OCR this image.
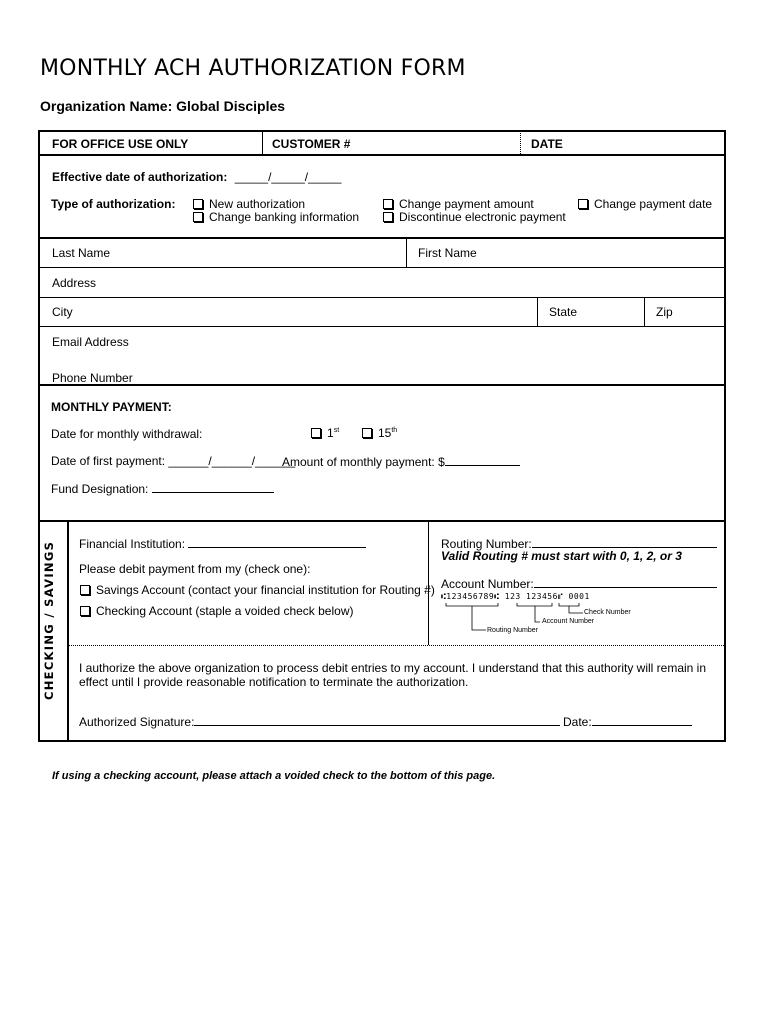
MONTHLY ACH AUTHORIZATION FORM
Organization Name: Global Disciples
FOR OFFICE USE ONLY	CUSTOMER #	DATE
Effective date of authorization: _____/_____/_____
Type of authorization:	New authorization
Change banking information
Change payment amount
Discontinue electronic payment
Change payment date
Last Name	First Name
Address
City	State	Zip
Email Address
Phone Number
MONTHLY PAYMENT:
Date for monthly withdrawal:	1st	15th
Date of first payment: ______/______/______
Amount of monthly payment: $
Fund Designation:
CHECKING / SAVINGS Financial Institution:
Please debit payment from my (check one):
Savings Account (contact your financial institution for Routing #)
Checking Account (staple a voided check below)
Routing Number:
Valid Routing # must start with 0, 1, 2, or 3
Account Number:
⑆123456789⑆ 123 123456⑈ 0001
Check Number
Account Number
Routing Number
I authorize the above organization to process debit entries to my account. I understand that this authority will remain in effect until I provide reasonable notification to terminate the authorization.
Authorized Signature:	Date:
If using a checking account, please attach a voided check to the bottom of this page.
